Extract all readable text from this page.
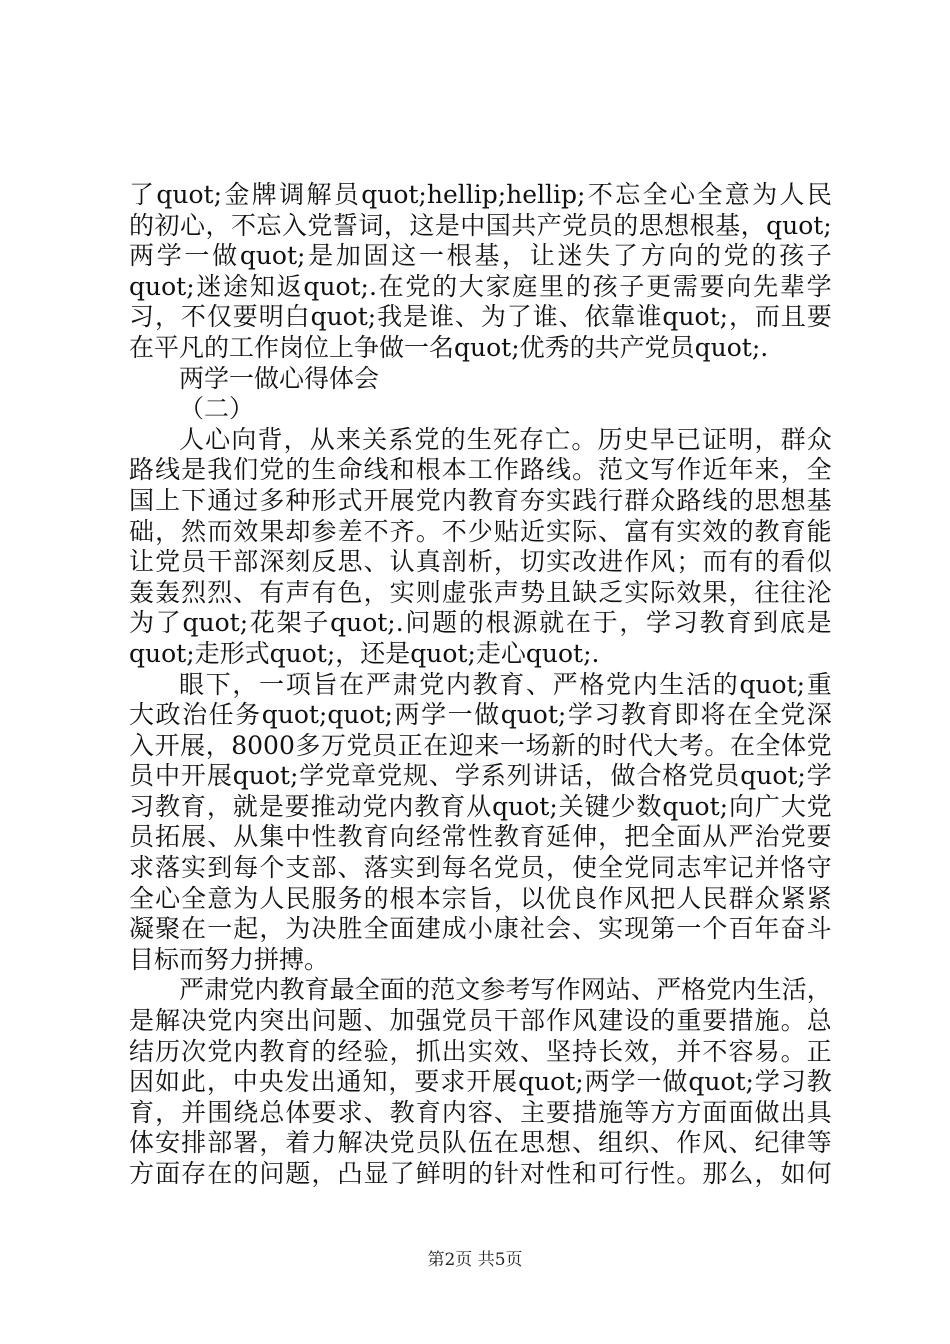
了 quot; 金 牌 调 解 员 quot;hellip;hellip; 不 忘 全 心 全 意 为 人 民
的 初 心 ， 不 忘 入 党 誓 词 ， 这 是 中 国 共 产 党 员 的 思 想 根 基 ， quot;
两 学 一 做 quot; 是 加 固 这 一 根 基 ， 让 迷 失 了 方 向 的 党 的 孩 子
quot; 迷 途 知 返 quot;. 在 党 的 大 家 庭 里 的 孩 子 更 需 要 向 先 辈 学
习 ， 不 仅 要 明 白 quot; 我 是 谁 、 为 了 谁 、 依 靠 谁 quot; ， 而 且 要
在平凡的工作岗位上争做一名quot;优秀的共产党员quot;.
两学一做心得体会
（二）
人 心 向 背 ， 从 来 关 系 党 的 生 死 存 亡 。 历 史 早 已 证 明 ， 群 众
路 线 是 我 们 党 的 生 命 线 和 根 本 工 作 路 线 。 范 文 写 作 近 年 来 ， 全
国 上 下 通 过 多 种 形 式 开 展 党 内 教 育 夯 实 践 行 群 众 路 线 的 思 想 基
础 ， 然 而 效 果 却 参 差 不 齐 。 不 少 贴 近 实 际 、 富 有 实 效 的 教 育 能
让 党 员 干 部 深 刻 反 思 、 认 真 剖 析 ， 切 实 改 进 作 风 ； 而 有 的 看 似
轰 轰 烈 烈 、 有 声 有 色 ， 实 则 虚 张 声 势 且 缺 乏 实 际 效 果 ， 往 往 沦
为 了 quot; 花 架 子 quot;. 问 题 的 根 源 就 在 于 ， 学 习 教 育 到 底 是
quot;走形式quot;，还是quot;走心quot;.
眼 下 ， 一 项 旨 在 严 肃 党 内 教 育 、 严 格 党 内 生 活 的 quot; 重
大 政 治 任 务 quot;quot; 两 学 一 做 quot; 学 习 教 育 即 将 在 全 党 深
入 开 展 ， 8000 多 万 党 员 正 在 迎 来 一 场 新 的 时 代 大 考 。 在 全 体 党
员 中 开 展 quot; 学 党 章 党 规 、 学 系 列 讲 话 ， 做 合 格 党 员 quot; 学
习 教 育 ， 就 是 要 推 动 党 内 教 育 从 quot; 关 键 少 数 quot; 向 广 大 党
员 拓 展 、 从 集 中 性 教 育 向 经 常 性 教 育 延 伸 ， 把 全 面 从 严 治 党 要
求 落 实 到 每 个 支 部 、 落 实 到 每 名 党 员 ， 使 全 党 同 志 牢 记 并 恪 守
全 心 全 意 为 人 民 服 务 的 根 本 宗 旨 ， 以 优 良 作 风 把 人 民 群 众 紧 紧
凝 聚 在 一 起 ， 为 决 胜 全 面 建 成 小 康 社 会 、 实 现 第 一 个 百 年 奋 斗
目标而努力拼搏。
严 肃 党 内 教 育 最 全 面 的 范 文 参 考 写 作 网 站 、 严 格 党 内 生 活 ，
是 解 决 党 内 突 出 问 题 、 加 强 党 员 干 部 作 风 建 设 的 重 要 措 施 。 总
结 历 次 党 内 教 育 的 经 验 ， 抓 出 实 效 、 坚 持 长 效 ， 并 不 容 易 。 正
因 如 此 ， 中 央 发 出 通 知 ， 要 求 开 展 quot; 两 学 一 做 quot; 学 习 教
育 ， 并 围 绕 总 体 要 求 、 教 育 内 容 、 主 要 措 施 等 方 方 面 面 做 出 具
体 安 排 部 署 ， 着 力 解 决 党 员 队 伍 在 思 想 、 组 织 、 作 风 、 纪 律 等
方 面 存 在 的 问 题 ， 凸 显 了 鲜 明 的 针 对 性 和 可 行 性 。 那 么 ， 如 何
第2页 共5页
